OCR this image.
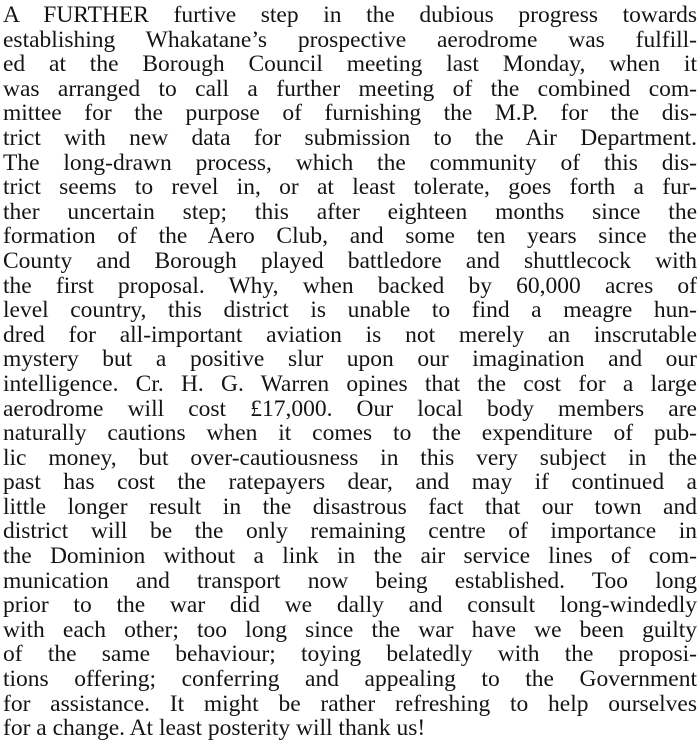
A FURTHER furtive step in the dubious progress towards
establishing Whakatane’s prospective aerodrome was fulfill-
ed at the Borough Council meeting last Monday, when it
was arranged to call a further meeting of the combined com-
mittee for the purpose of furnishing the M.P. for the dis-
trict with new data for submission to the Air Department.
The long-drawn process, which the community of this dis-
trict seems to revel in, or at least tolerate, goes forth a fur-
ther uncertain step; this after eighteen months since the
formation of the Aero Club, and some ten years since the
County and Borough played battledore and shuttlecock with
the first proposal. Why, when backed by 60,000 acres of
level country, this district is unable to find a meagre hun-
dred for all-important aviation is not merely an inscrutable
mystery but a positive slur upon our imagination and our
intelligence. Cr. H. G. Warren opines that the cost for a large
aerodrome will cost £17,000. Our local body members are
naturally cautions when it comes to the expenditure of pub-
lic money, but over-cautiousness in this very subject in the
past has cost the ratepayers dear, and may if continued a
little longer result in the disastrous fact that our town and
district will be the only remaining centre of importance in
the Dominion without a link in the air service lines of com-
munication and transport now being established. Too long
prior to the war did we dally and consult long-windedly
with each other; too long since the war have we been guilty
of the same behaviour; toying belatedly with the proposi-
tions offering; conferring and appealing to the Government
for assistance. It might be rather refreshing to help ourselves
for a change. At least posterity will thank us!
